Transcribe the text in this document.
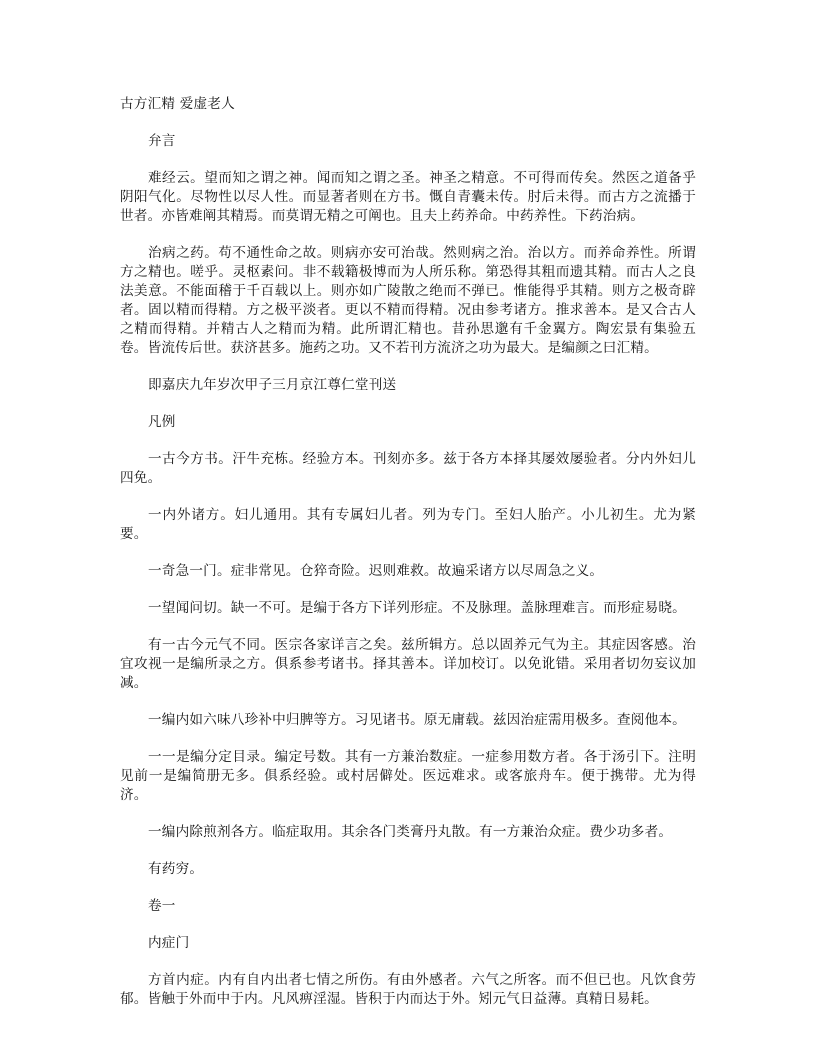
古方汇精 爱虚老人

弁言

难经云。望而知之谓之神。闻而知之谓之圣。神圣之精意。不可得而传矣。然医之道备乎阴阳气化。尽物性以尽人性。而显著者则在方书。慨自青囊未传。肘后未得。而古方之流播于世者。亦皆难阐其精焉。而莫谓无精之可阐也。且夫上药养命。中药养性。下药治病。

治病之药。苟不通性命之故。则病亦安可治哉。然则病之治。治以方。而养命养性。所谓方之精也。嗟乎。灵枢素问。非不载籍极博而为人所乐称。第恐得其粗而遗其精。而古人之良法美意。不能面稽于千百载以上。则亦如广陵散之绝而不弹已。惟能得乎其精。则方之极奇辟者。固以精而得精。方之极平淡者。更以不精而得精。况由参考诸方。推求善本。是又合古人之精而得精。并精古人之精而为精。此所谓汇精也。昔孙思邈有千金翼方。陶宏景有集验五卷。皆流传后世。获济甚多。施药之功。又不若刊方流济之功为最大。是编颜之曰汇精。

即嘉庆九年岁次甲子三月京江尊仁堂刊送

凡例

一古今方书。汗牛充栋。经验方本。刊刻亦多。兹于各方本择其屡效屡验者。分内外妇儿四免。

一内外诸方。妇儿通用。其有专属妇儿者。列为专门。至妇人胎产。小儿初生。尤为紧要。

一奇急一门。症非常见。仓猝奇险。迟则难救。故遍采诸方以尽周急之义。

一望闻问切。缺一不可。是编于各方下详列形症。不及脉理。盖脉理难言。而形症易晓。

有一古今元气不同。医宗各家详言之矣。兹所辑方。总以固养元气为主。其症因客感。治宜攻视一是编所录之方。俱系参考诸书。择其善本。详加校订。以免讹错。采用者切勿妄议加减。

一编内如六味八珍补中归脾等方。习见诸书。原无庸载。兹因治症需用极多。查阅他本。

一一是编分定目录。编定号数。其有一方兼治数症。一症参用数方者。各于汤引下。注明见前一是编简册无多。俱系经验。或村居僻处。医远难求。或客旅舟车。便于携带。尤为得济。

一编内除煎剂各方。临症取用。其余各门类膏丹丸散。有一方兼治众症。费少功多者。

有药穷。

卷一

内症门

方首内症。内有自内出者七情之所伤。有由外感者。六气之所客。而不但已也。凡饮食劳郁。皆触于外而中于内。凡风痹淫湿。皆积于内而达于外。矧元气日益薄。真精日易耗。
